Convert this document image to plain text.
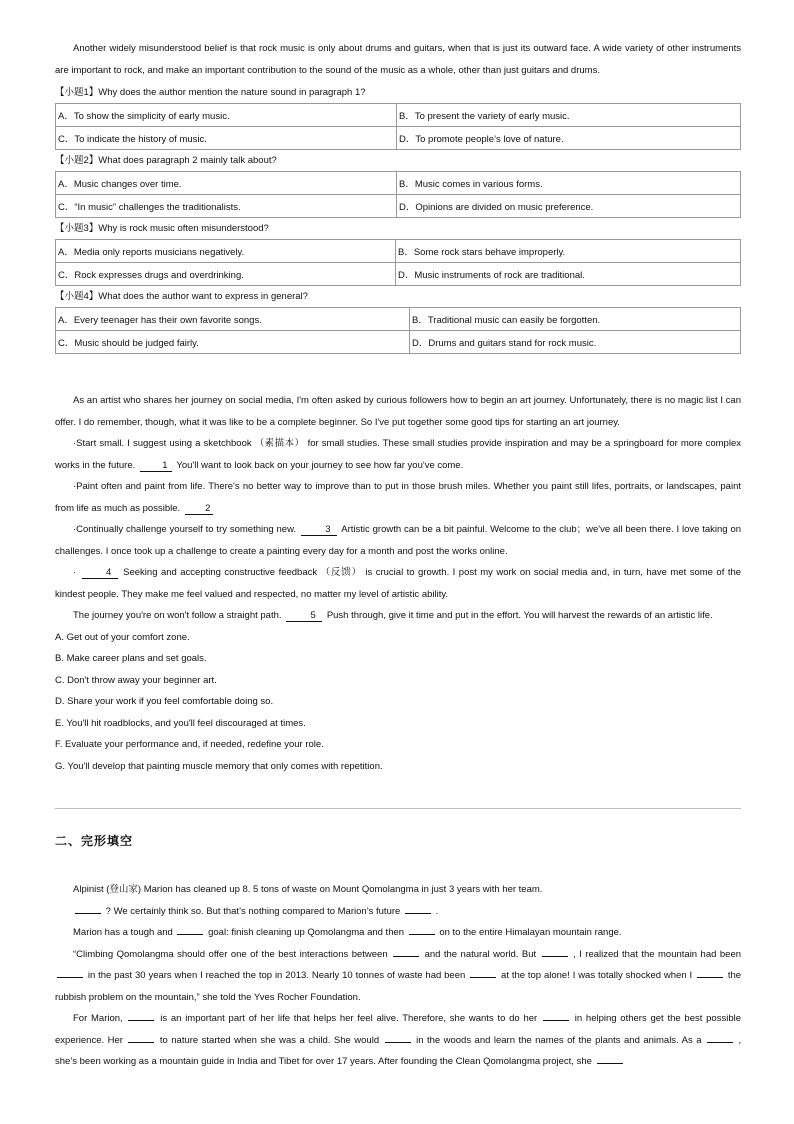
Another widely misunderstood belief is that rock music is only about drums and guitars, when that is just its outward face. A wide variety of other instruments are important to rock, and make an important contribution to the sound of the music as a whole, other than just guitars and drums.

【小题1】Why does the author mention the nature sound in paragraph 1?
A．To show the simplicity of early music.	B．To present the variety of early music.
C．To indicate the history of music.	D．To promote people’s love of nature.
【小题2】What does paragraph 2 mainly talk about?
A．Music changes over time.	B．Music comes in various forms.
C．“In music” challenges the traditionalists.	D．Opinions are divided on music preference.
【小题3】Why is rock music often misunderstood?
A．Media only reports musicians negatively.	B．Some rock stars behave improperly.
C．Rock expresses drugs and overdrinking.	D．Music instruments of rock are traditional.
【小题4】What does the author want to express in general?
A．Every teenager has their own favorite songs.	B．Traditional music can easily be forgotten.
C．Music should be judged fairly.	D．Drums and guitars stand for rock music.

As an artist who shares her journey on social media, I'm often asked by curious followers how to begin an art journey. Unfortunately, there is no magic list I can offer. I do remember, though, what it was like to be a complete beginner. So I've put together some good tips for starting an art journey.

·Start small. I suggest using a sketchbook （素描本） for small studies. These small studies provide inspiration and may be a springboard for more complex works in the future.	1 You'll want to look back on your journey to see how far you've come.

·Paint often and paint from life. There's no better way to improve than to put in those brush miles. Whether you paint still lifes, portraits, or landscapes, paint from life as much as possible.	2

·Continually challenge yourself to try something new.	3 Artistic growth can be a bit painful. Welcome to the club；we've all been there. I love taking on challenges. I once took up a challenge to create a painting every day for a month and post the works online.

·	4 Seeking and accepting constructive feedback （反馈） is crucial to growth. I post my work on social media and, in turn, have met some of the kindest people. They make me feel valued and respected, no matter my level of artistic ability.

The journey you're on won't follow a straight path.	5 Push through, give it time and put in the effort. You will harvest the rewards of an artistic life.

A. Get out of your comfort zone.
B. Make career plans and set goals.
C. Don't throw away your beginner art.
D. Share your work if you feel comfortable doing so.
E. You'll hit roadblocks, and you'll feel discouraged at times.
F. Evaluate your performance and, if needed, redefine your role.
G. You'll develop that painting muscle memory that only comes with repetition.
二、完形填空

Alpinist (登山家) Marion has cleaned up 8. 5 tons of waste on Mount Qomolangma in just 3 years with her team.

? We certainly think so. But that’s nothing compared to Marion’s future	.

Marion has a tough and	goal: finish cleaning up Qomolangma and then	on to the entire Himalayan mountain range.

“Climbing Qomolangma should offer one of the best interactions between	and the natural world. But	, I realized that the mountain had been  in the past 30 years when I reached the top in 2013. Nearly 10 tonnes of waste had been	at the top alone! I was totally shocked when I	the rubbish problem on the mountain,” she told the Yves Rocher Foundation.

For Marion,	is an important part of her life that helps her feel alive. Therefore, she wants to do her	in helping others get the best possible experience. Her	to nature started when she was a child. She would	in the woods and learn the names of the plants and animals. As a	, she’s been working as a mountain guide in India and Tibet for over 17 years. After founding the Clean Qomolangma project, she
